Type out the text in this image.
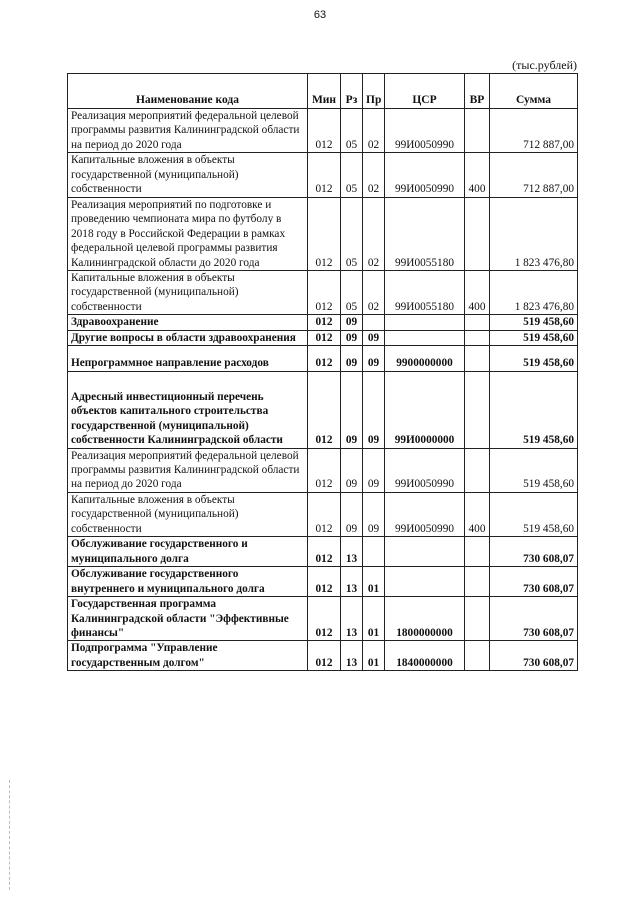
63
(тыс.рублей)
Наименование кода	Мин	Рз	Пр	ЦСР	ВР	Сумма
Реализация мероприятий федеральной целевой программы развития Калининградской области на период до 2020 года	012	05	02	99И0050990		712 887,00
Капитальные вложения в объекты государственной (муниципальной) собственности	012	05	02	99И0050990	400	712 887,00
Реализация мероприятий по подготовке и проведению чемпионата мира по футболу в 2018 году в Российской Федерации в рамках федеральной целевой программы развития Калининградской области до 2020 года	012	05	02	99И0055180		1 823 476,80
Капитальные вложения в объекты государственной (муниципальной) собственности	012	05	02	99И0055180	400	1 823 476,80
Здравоохранение	012	09				519 458,60
Другие вопросы в области здравоохранения	012	09	09			519 458,60
Непрограммное направление расходов	012	09	09	9900000000		519 458,60
Адресный инвестиционный перечень объектов капитального строительства государственной (муниципальной) собственности Калининградской области	012	09	09	99И0000000		519 458,60
Реализация мероприятий федеральной целевой программы развития Калининградской области на период до 2020 года	012	09	09	99И0050990		519 458,60
Капитальные вложения в объекты государственной (муниципальной) собственности	012	09	09	99И0050990	400	519 458,60
Обслуживание государственного и муниципального долга	012	13				730 608,07
Обслуживание государственного внутреннего и муниципального долга	012	13	01			730 608,07
Государственная программа Калининградской области "Эффективные финансы"	012	13	01	1800000000		730 608,07
Подпрограмма "Управление государственным долгом"	012	13	01	1840000000		730 608,07
